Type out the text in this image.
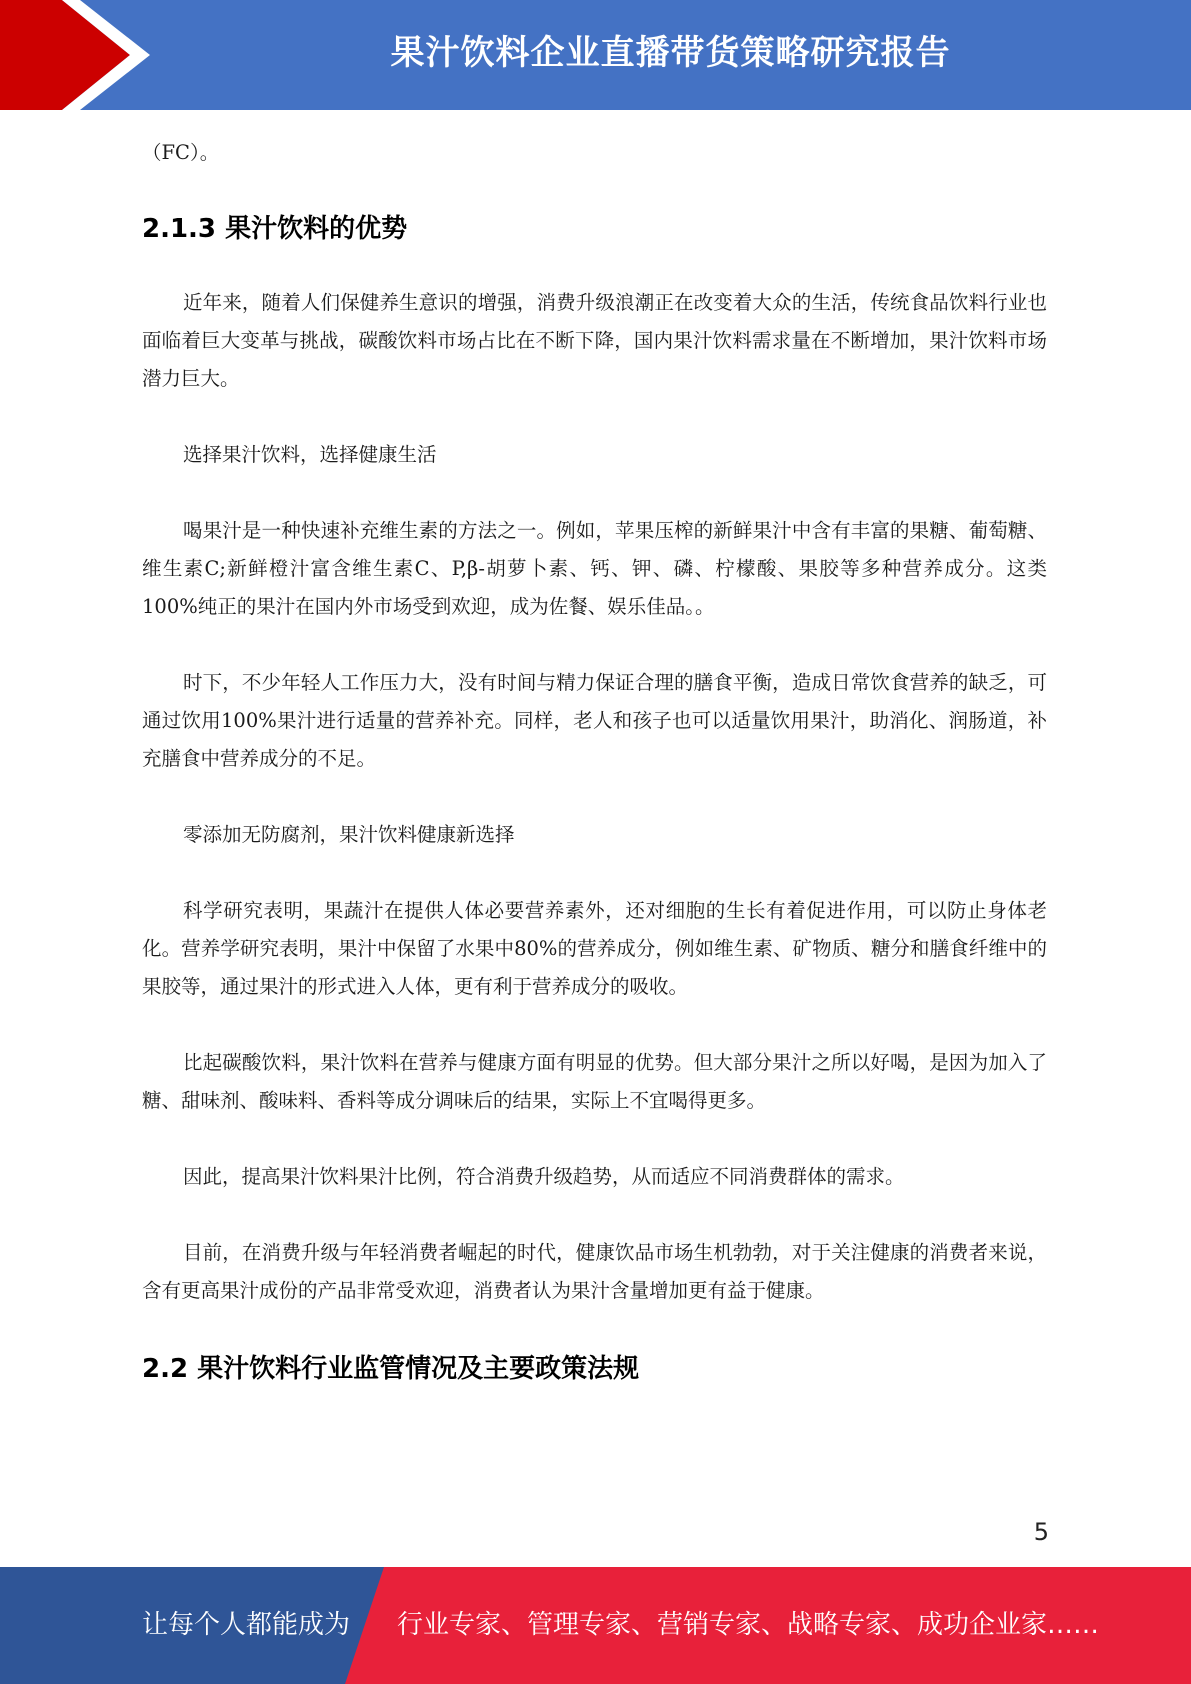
果汁饮料企业直播带货策略研究报告

（FC）。

2.1.3 果汁饮料的优势

近年来，随着人们保健养生意识的增强，消费升级浪潮正在改变着大众的生活，传统食品饮料行业也面临着巨大变革与挑战，碳酸饮料市场占比在不断下降，国内果汁饮料需求量在不断增加，果汁饮料市场潜力巨大。

选择果汁饮料，选择健康生活

喝果汁是一种快速补充维生素的方法之一。例如，苹果压榨的新鲜果汁中含有丰富的果糖、葡萄糖、维生素C;新鲜橙汁富含维生素C、P,β-胡萝卜素、钙、钾、磷、柠檬酸、果胶等多种营养成分。这类100%纯正的果汁在国内外市场受到欢迎，成为佐餐、娱乐佳品。。

时下，不少年轻人工作压力大，没有时间与精力保证合理的膳食平衡，造成日常饮食营养的缺乏，可通过饮用100%果汁进行适量的营养补充。同样，老人和孩子也可以适量饮用果汁，助消化、润肠道，补充膳食中营养成分的不足。

零添加无防腐剂，果汁饮料健康新选择

科学研究表明，果蔬汁在提供人体必要营养素外，还对细胞的生长有着促进作用，可以防止身体老化。营养学研究表明，果汁中保留了水果中80%的营养成分，例如维生素、矿物质、糖分和膳食纤维中的果胶等，通过果汁的形式进入人体，更有利于营养成分的吸收。

比起碳酸饮料，果汁饮料在营养与健康方面有明显的优势。但大部分果汁之所以好喝，是因为加入了糖、甜味剂、酸味料、香料等成分调味后的结果，实际上不宜喝得更多。

因此，提高果汁饮料果汁比例，符合消费升级趋势，从而适应不同消费群体的需求。

目前，在消费升级与年轻消费者崛起的时代，健康饮品市场生机勃勃，对于关注健康的消费者来说，含有更高果汁成份的产品非常受欢迎，消费者认为果汁含量增加更有益于健康。

2.2 果汁饮料行业监管情况及主要政策法规
5
让每个人都能成为 行业专家、管理专家、营销专家、战略专家、成功企业家……
